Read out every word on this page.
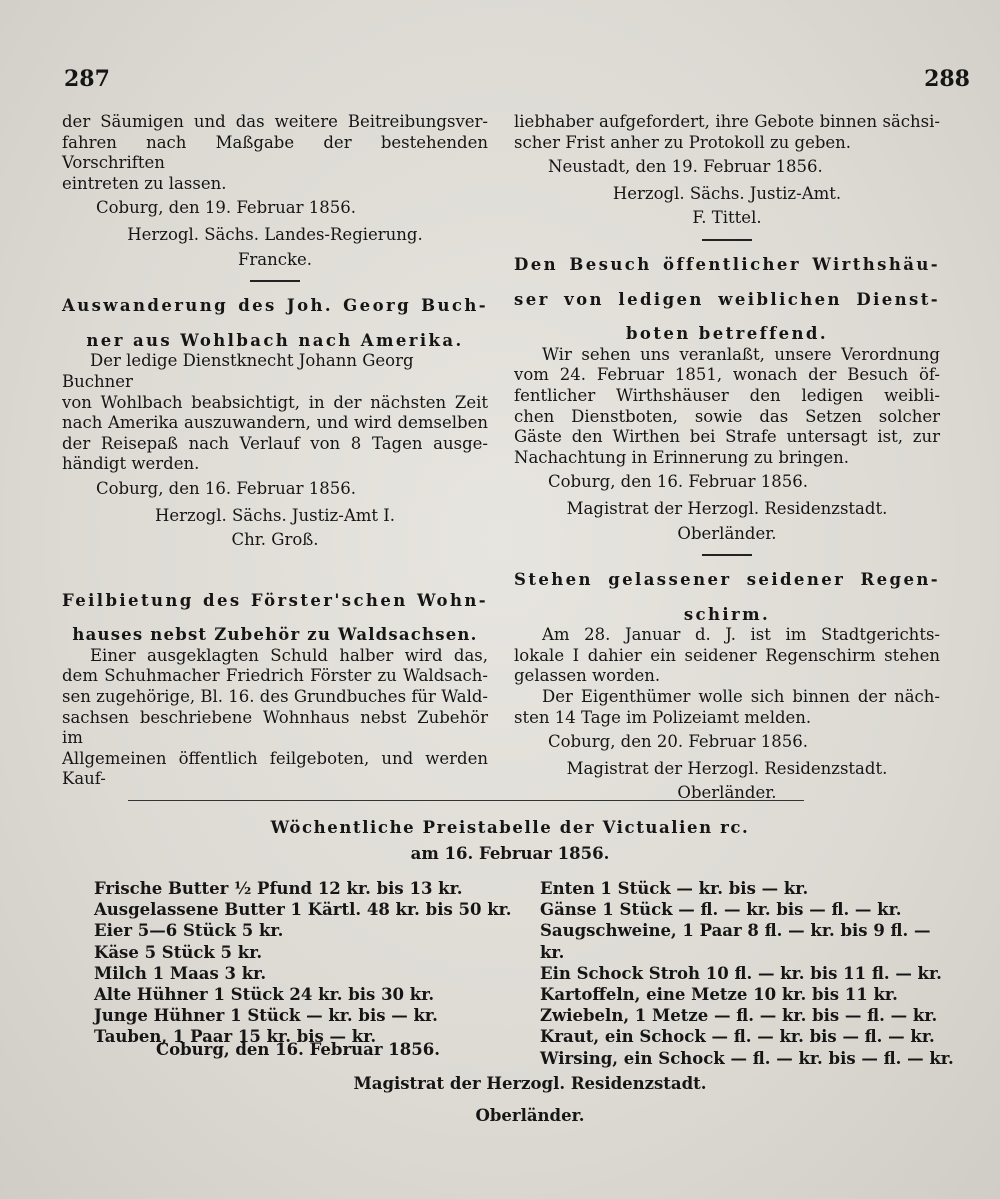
287	288

der Säumigen und das weitere Beitreibungsver-

fahren nach Maßgabe der bestehenden Vorschriften

eintreten zu lassen.

Coburg, den 19. Februar 1856.

Herzogl. Sächs. Landes-Regierung.

Francke.

Auswanderung des Joh. Georg Buch-

ner aus Wohlbach nach Amerika.

Der ledige Dienstknecht Johann Georg Buchner

von Wohlbach beabsichtigt, in der nächsten Zeit

nach Amerika auszuwandern, und wird demselben

der Reisepaß nach Verlauf von 8 Tagen ausge-

händigt werden.

Coburg, den 16. Februar 1856.

Herzogl. Sächs. Justiz-Amt I.

Chr. Groß.

Feilbietung des Förster'schen Wohn-

hauses nebst Zubehör zu Waldsachsen.

Einer ausgeklagten Schuld halber wird das,

dem Schuhmacher Friedrich Förster zu Waldsach-

sen zugehörige, Bl. 16. des Grundbuches für Wald-

sachsen beschriebene Wohnhaus nebst Zubehör im

Allgemeinen öffentlich feilgeboten, und werden Kauf-

liebhaber aufgefordert, ihre Gebote binnen sächsi-

scher Frist anher zu Protokoll zu geben.

Neustadt, den 19. Februar 1856.

Herzogl. Sächs. Justiz-Amt.

F. Tittel.

Den Besuch öffentlicher Wirthshäu-

ser von ledigen weiblichen Dienst-

boten betreffend.

Wir sehen uns veranlaßt, unsere Verordnung

vom 24. Februar 1851, wonach der Besuch öf-

fentlicher Wirthshäuser den ledigen weibli-

chen Dienstboten, sowie das Setzen solcher

Gäste den Wirthen bei Strafe untersagt ist, zur

Nachachtung in Erinnerung zu bringen.

Coburg, den 16. Februar 1856.

Magistrat der Herzogl. Residenzstadt.

Oberländer.

Stehen gelassener seidener Regen-

schirm.

Am 28. Januar d. J. ist im Stadtgerichts-

lokale I dahier ein seidener Regenschirm stehen

gelassen worden.

Der Eigenthümer wolle sich binnen der näch-

sten 14 Tage im Polizeiamt melden.

Coburg, den 20. Februar 1856.

Magistrat der Herzogl. Residenzstadt.

Oberländer.

Wöchentliche Preistabelle der Victualien rc.
am 16. Februar 1856.
Frische Butter ½ Pfund 12 kr. bis 13 kr.
Ausgelassene Butter 1 Kärtl. 48 kr. bis 50 kr.
Eier 5—6 Stück 5 kr.
Käse 5 Stück 5 kr.
Milch 1 Maas 3 kr.
Alte Hühner 1 Stück 24 kr. bis 30 kr.
Junge Hühner 1 Stück — kr. bis — kr.
Tauben, 1 Paar 15 kr. bis — kr.
Enten 1 Stück — kr. bis — kr.
Gänse 1 Stück — fl. — kr. bis — fl. — kr.
Saugschweine, 1 Paar 8 fl. — kr. bis 9 fl. — kr.
Ein Schock Stroh 10 fl. — kr. bis 11 fl. — kr.
Kartoffeln, eine Metze 10 kr. bis 11 kr.
Zwiebeln, 1 Metze — fl. — kr. bis — fl. — kr.
Kraut, ein Schock — fl. — kr. bis — fl. — kr.
Wirsing, ein Schock — fl. — kr. bis — fl. — kr.
Coburg, den 16. Februar 1856.
Magistrat der Herzogl. Residenzstadt.
Oberländer.
